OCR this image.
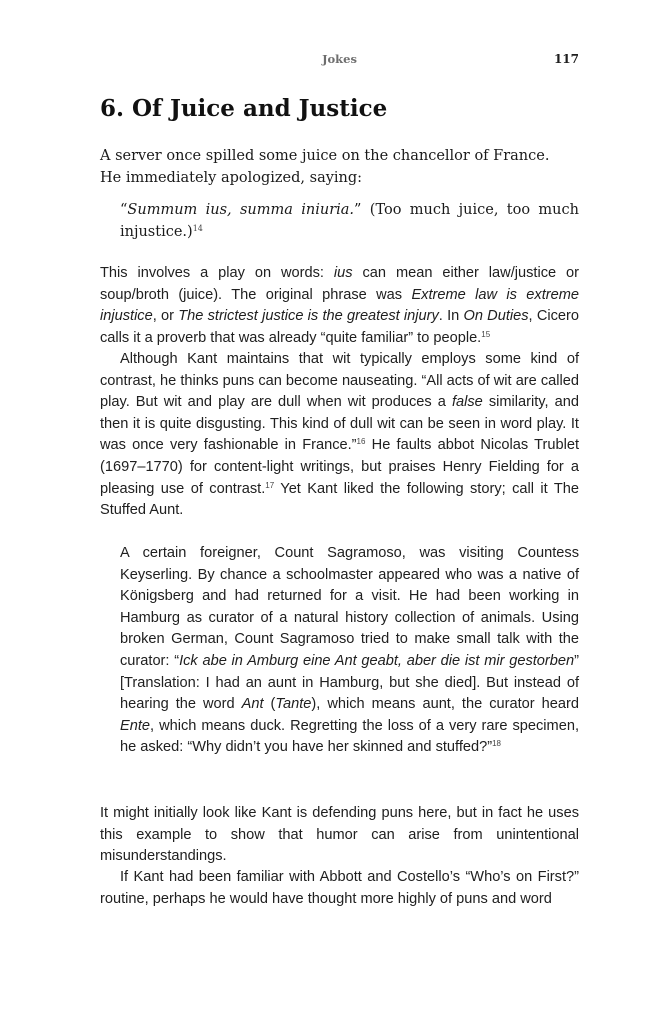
Jokes	117
6. Of Juice and Justice

A server once spilled some juice on the chancellor of France.
He immediately apologized, saying:

“Summum ius, summa iniuria.” (Too much juice, too much injustice.)$^{14}$

This involves a play on words: ius can mean either law/justice or soup/broth (juice). The original phrase was Extreme law is extreme injustice, or The strictest justice is the greatest injury. In On Duties, Cicero calls it a proverb that was already “quite familiar” to people.$^{15}$

Although Kant maintains that wit typically employs some kind of contrast, he thinks puns can become nauseating. “All acts of wit are called play. But wit and play are dull when wit produces a false similarity, and then it is quite disgusting. This kind of dull wit can be seen in word play. It was once very fashionable in France.”$^{16}$ He faults abbot Nicolas Trublet (1697–1770) for content-light writings, but praises Henry Fielding for a pleasing use of contrast.$^{17}$ Yet Kant liked the following story; call it The Stuffed Aunt.

A certain foreigner, Count Sagramoso, was visiting Countess Keyserling. By chance a schoolmaster appeared who was a native of Königsberg and had returned for a visit. He had been working in Hamburg as curator of a natural history collection of animals. Using broken German, Count Sagramoso tried to make small talk with the curator: “Ick abe in Amburg eine Ant geabt, aber die ist mir gestorben” [Translation: I had an aunt in Hamburg, but she died]. But instead of hearing the word Ant (Tante), which means aunt, the curator heard Ente, which means duck. Regretting the loss of a very rare specimen, he asked: “Why didn’t you have her skinned and stuffed?”$^{18}$

It might initially look like Kant is defending puns here, but in fact he uses this example to show that humor can arise from unintentional misunderstandings.

If Kant had been familiar with Abbott and Costello’s “Who’s on First?” routine, perhaps he would have thought more highly of puns and word
